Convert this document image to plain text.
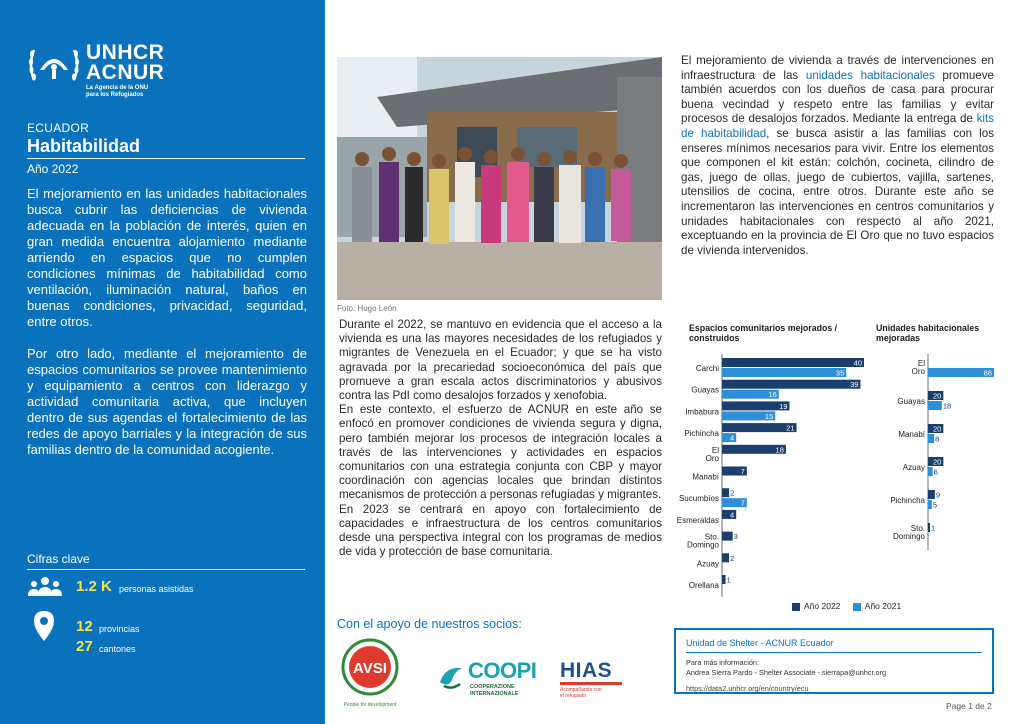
UNHCR
ACNUR
La Agencia de la ONU
para los Refugiados
ECUADOR
Habitabilidad
Año 2022

El mejoramiento en las unidades habitacionales busca cubrir las deficiencias de vivienda adecuada en la población de interés, quien en gran medida encuentra alojamiento mediante arriendo en espacios que no cumplen condiciones mínimas de habitabilidad como ventilación, iluminación natural, baños en buenas condiciones, privacidad, seguridad, entre otros.

Por otro lado, mediante el mejoramiento de espacios comunitarios se provee mantenimiento y equipamiento a centros con liderazgo y actividad comunitaria activa, que incluyen dentro de sus agendas el fortalecimiento de las redes de apoyo barriales y la integración de sus familias dentro de la comunidad acogiente.

Cifras clave
1.2 K personas asistidas
12 provincias
27 cantones
Foto: Hugo León

Durante el 2022, se mantuvo en evidencia que el acceso a la vivienda es una las mayores necesidades de los refugiados y migrantes de Venezuela en el Ecuador; y que se ha visto agravada por la precariedad socioeconómica del país que promueve a gran escala actos discriminatorios y abusivos contra las PdI como desalojos forzados y xenofobia.

En este contexto, el esfuerzo de ACNUR en este año se enfocó en promover condiciones de vivienda segura y digna, pero también mejorar los procesos de integración locales a través de las intervenciones y actividades en espacios comunitarios con una estrategia conjunta con CBP y mayor coordinación con agencias locales que brindan distintos mecanismos de protección a personas refugiadas y migrantes.

En 2023 se centrará en apoyo con fortalecimiento de capacidades e infraestructura de los centros comunitarios desde una perspectiva integral con los programas de medios de vida y protección de base comunitaria.

Con el apoyo de nuestros socios:
AVSI
People for development
COOPI
COOPERAZIONE
INTERNAZIONALE
HIAS
Acompañando con
el refugiado
El mejoramiento de vivienda a través de intervenciones en infraestructura de las unidades habitacionales promueve también acuerdos con los dueños de casa para procurar buena vecindad y respeto entre las familias y evitar procesos de desalojos forzados. Mediante la entrega de kits de habitabilidad, se busca asistir a las familias con los enseres mínimos necesarios para vivir. Entre los elementos que componen el kit están: colchón, cocineta, cilindro de gas, juego de ollas, juego de cubiertos, vajilla, sartenes, utensilios de cocina, entre otros. Durante este año se incrementaron las intervenciones en centros comunitarios y unidades habitacionales con respecto al año 2021, exceptuando en la provincia de El Oro que no tuvo espacios de vivienda intervenidos.
Espacios comunitarios mejorados / construidos
Carchi
40
35
Guayas
39
16
Imbabura
19
15
Pichincha
21
4
El Oro
18
Manabí
7
Sucumbíos
2
7
Esmeraldas
4
Sto. Domingo
3
Azuay
2
Orellana
1
Unidades habitacionales mejoradas
El Oro	86
Guayas
20
18
Manabí
20
8
Azuay
20
6
Pichincha
9
5
Sto. Domingo
1
Año 2022	Año 2021
Unidad de Shelter - ACNUR Ecuador
Para más información:
Andrea Sierra Pardo - Shelter Associate - sierrapa@unhcr.org
https://data2.unhcr.org/en/country/ecu
Page 1 de 2
